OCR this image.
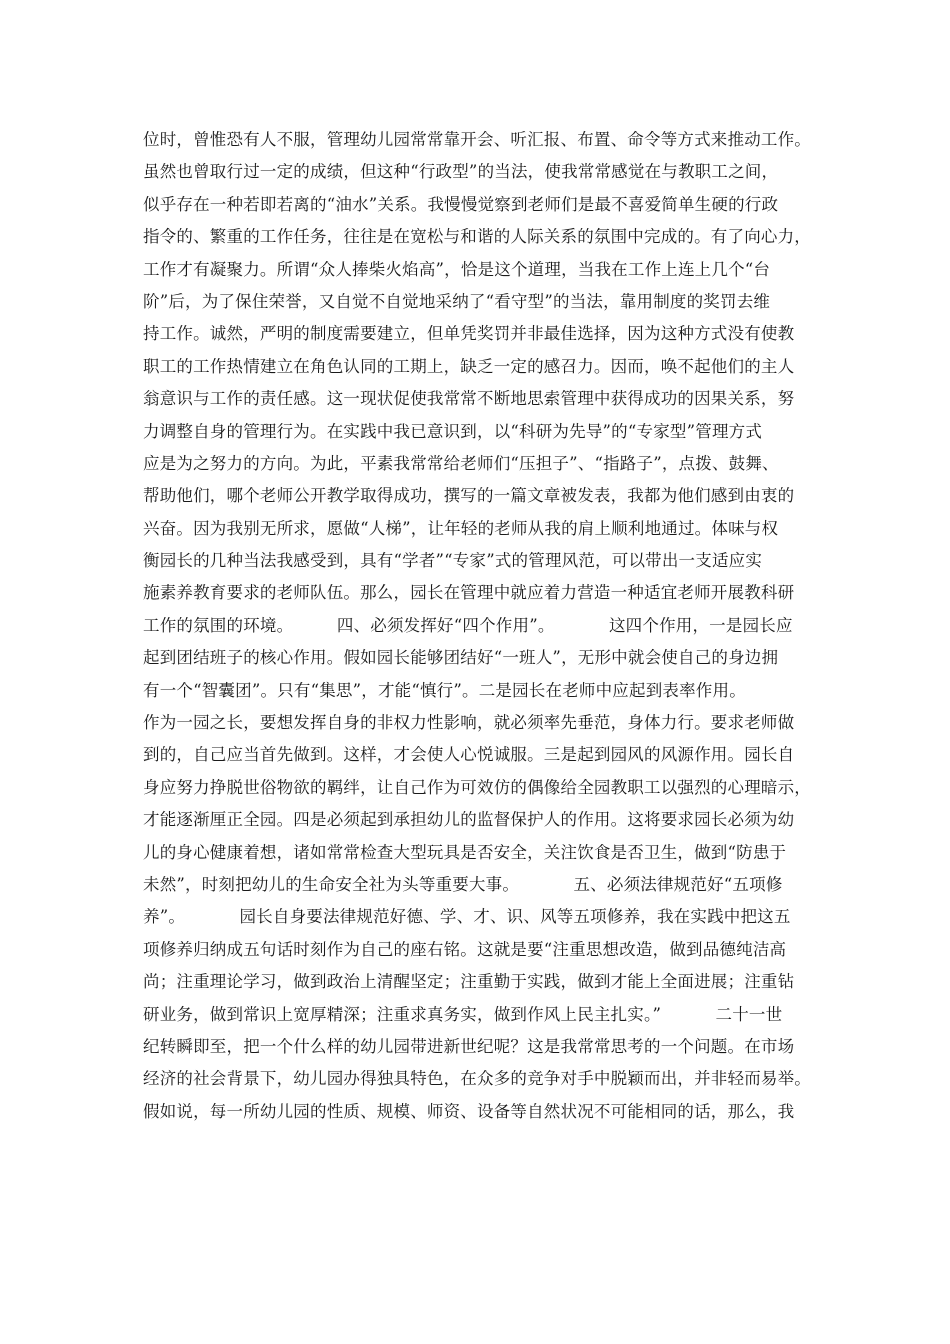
位时，曾惟恐有人不服，管理幼儿园常常靠开会、听汇报、布置、命令等方式来推动工作。
虽然也曾取行过一定的成绩，但这种“行政型”的当法，使我常常感觉在与教职工之间，
似乎存在一种若即若离的“油水”关系。我慢慢觉察到老师们是最不喜爱简单生硬的行政
指令的、繁重的工作任务，往往是在宽松与和谐的人际关系的氛围中完成的。有了向心力，
工作才有凝聚力。所谓“众人捧柴火焰高”，恰是这个道理，当我在工作上连上几个“台
阶”后，为了保住荣誉，又自觉不自觉地采纳了“看守型”的当法，靠用制度的奖罚去维
持工作。诚然，严明的制度需要建立，但单凭奖罚并非最佳选择，因为这种方式没有使教
职工的工作热情建立在角色认同的工期上，缺乏一定的感召力。因而，唤不起他们的主人
翁意识与工作的责任感。这一现状促使我常常不断地思索管理中获得成功的因果关系，努
力调整自身的管理行为。在实践中我已意识到，以“科研为先导”的“专家型”管理方式
应是为之努力的方向。为此，平素我常常给老师们“压担子”、“指路子”，点拨、鼓舞、
帮助他们，哪个老师公开教学取得成功，撰写的一篇文章被发表，我都为他们感到由衷的
兴奋。因为我别无所求，愿做“人梯”，让年轻的老师从我的肩上顺利地通过。体味与权
衡园长的几种当法我感受到，具有“学者”“专家”式的管理风范，可以带出一支适应实
施素养教育要求的老师队伍。那么，园长在管理中就应着力营造一种适宜老师开展教科研
工作的氛围的环境。        四、必须发挥好“四个作用”。          这四个作用，一是园长应
起到团结班子的核心作用。假如园长能够团结好“一班人”，无形中就会使自己的身边拥
有一个“智囊团”。只有“集思”，才能“慎行”。二是园长在老师中应起到表率作用。
作为一园之长，要想发挥自身的非权力性影响，就必须率先垂范，身体力行。要求老师做
到的，自己应当首先做到。这样，才会使人心悦诚服。三是起到园风的风源作用。园长自
身应努力挣脱世俗物欲的羁绊，让自己作为可效仿的偶像给全园教职工以强烈的心理暗示，
才能逐渐厘正全园。四是必须起到承担幼儿的监督保护人的作用。这将要求园长必须为幼
儿的身心健康着想，诸如常常检查大型玩具是否安全，关注饮食是否卫生，做到“防患于
未然”，时刻把幼儿的生命安全社为头等重要大事。          五、必须法律规范好“五项修
养”。          园长自身要法律规范好德、学、才、识、风等五项修养，我在实践中把这五
项修养归纳成五句话时刻作为自己的座右铭。这就是要“注重思想改造，做到品德纯洁高
尚；注重理论学习，做到政治上清醒坚定；注重勤于实践，做到才能上全面进展；注重钻
研业务，做到常识上宽厚精深；注重求真务实，做到作风上民主扎实。”          二十一世
纪转瞬即至，把一个什么样的幼儿园带进新世纪呢？这是我常常思考的一个问题。在市场
经济的社会背景下，幼儿园办得独具特色，在众多的竞争对手中脱颖而出，并非轻而易举。
假如说，每一所幼儿园的性质、规模、师资、设备等自然状况不可能相同的话，那么，我
